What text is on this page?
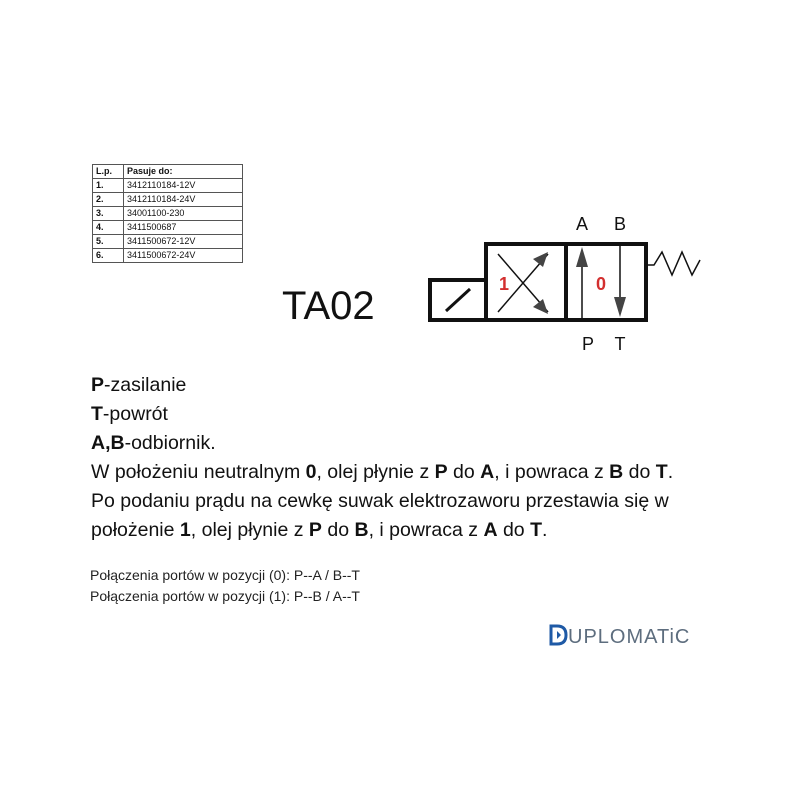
L.p.	Pasuje do:
1.	3412110184-12V
2.	3412110184-24V
3.	34001100-230
4.	3411500687
5.	3411500672-12V
6.	3411500672-24V
TA02	1	0
A B
P T
P-zasilanie
T-powrót
A,B-odbiornik.
W położeniu neutralnym 0, olej płynie z P do A, i powraca z B do T.
Po podaniu prądu na cewkę suwak elektrozaworu przestawia się w
położenie 1, olej płynie z P do B, i powraca z A do T.
Połączenia portów w pozycji (0): P--A / B--T
Połączenia portów w pozycji (1): P--B / A--T
UPLOMATiC
